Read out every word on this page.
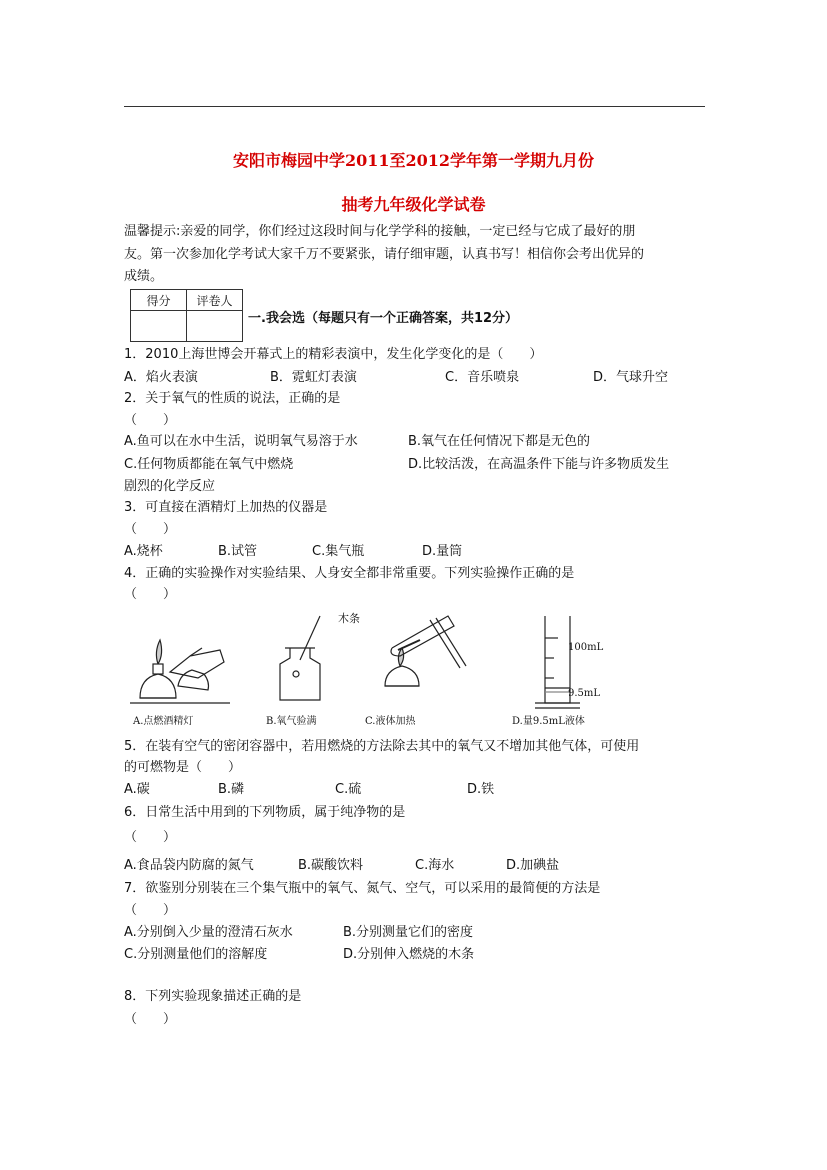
安阳市梅园中学2011至2012学年第一学期九月份
抽考九年级化学试卷
温馨提示:亲爱的同学，你们经过这段时间与化学学科的接触，一定已经与它成了最好的朋
友。第一次参加化学考试大家千万不要紧张，请仔细审题，认真书写！相信你会考出优异的
成绩。
得分	评卷人

一.我会选（每题只有一个正确答案，共12分）
1．2010上海世博会开幕式上的精彩表演中，发生化学变化的是（　　）
A．焰火表演	B．霓虹灯表演	C．音乐喷泉	D．气球升空
2．关于氧气的性质的说法，正确的是
（　　）
A.鱼可以在水中生活，说明氧气易溶于水	B.氧气在任何情况下都是无色的
C.任何物质都能在氧气中燃烧	D.比较活泼，在高温条件下能与许多物质发生
剧烈的化学反应
3．可直接在酒精灯上加热的仪器是
（　　）
A.烧杯	B.试管	C.集气瓶	D.量筒
4．正确的实验操作对实验结果、人身安全都非常重要。下列实验操作正确的是
（　　）
木条
100mL
9.5mL
A.点燃酒精灯	B.氧气验满	C.液体加热	D.量9.5mL液体
5．在装有空气的密闭容器中，若用燃烧的方法除去其中的氧气又不增加其他气体，可使用
的可燃物是（　　）
A.碳	B.磷	C.硫	D.铁
6．日常生活中用到的下列物质，属于纯净物的是
（　　）
A.食品袋内防腐的氮气	B.碳酸饮料	C.海水	D.加碘盐
7．欲鉴别分别装在三个集气瓶中的氧气、氮气、空气，可以采用的最简便的方法是
（　　）
A.分别倒入少量的澄清石灰水	B.分别测量它们的密度
C.分别测量他们的溶解度	D.分别伸入燃烧的木条
8．下列实验现象描述正确的是
（　　）
